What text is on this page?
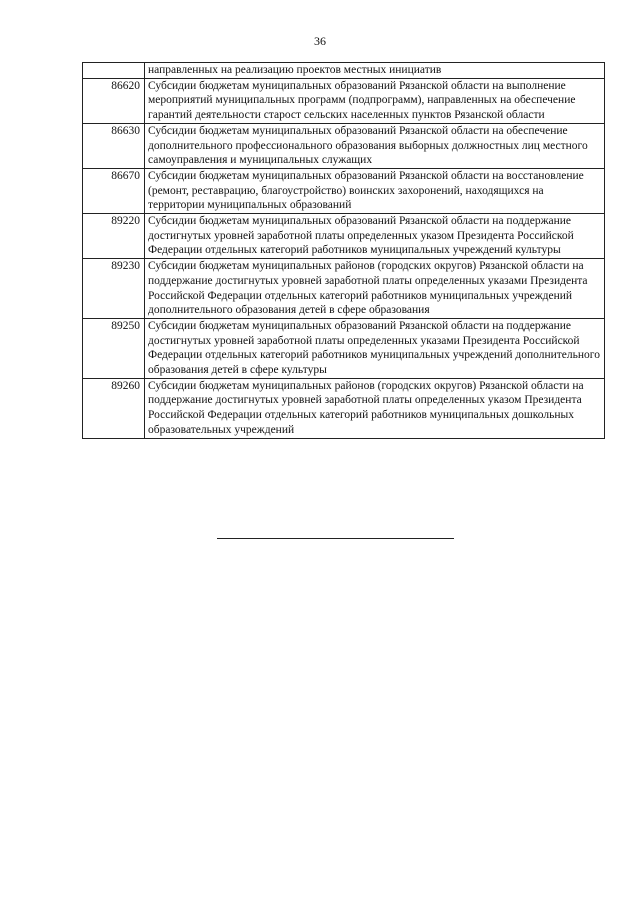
36
	направленных на реализацию проектов местных инициатив
86620	Субсидии бюджетам муниципальных образований Рязанской области на выполнение мероприятий муниципальных программ (подпрограмм), направленных на обеспечение гарантий деятельности старост сельских населенных пунктов Рязанской области
86630	Субсидии бюджетам муниципальных образований Рязанской области на обеспечение дополнительного профессионального образования выборных должностных лиц местного самоуправления и муниципальных служащих
86670	Субсидии бюджетам муниципальных образований Рязанской области на восстановление (ремонт, реставрацию, благоустройство) воинских захоронений, находящихся на территории муниципальных образований
89220	Субсидии бюджетам муниципальных образований Рязанской области на поддержание достигнутых уровней заработной платы определенных указом Президента Российской Федерации отдельных категорий работников муниципальных учреждений культуры
89230	Субсидии бюджетам муниципальных районов (городских округов) Рязанской области на поддержание достигнутых уровней заработной платы определенных указами Президента Российской Федерации отдельных категорий работников муниципальных учреждений дополнительного образования детей в сфере образования
89250	Субсидии бюджетам муниципальных образований Рязанской области на поддержание достигнутых уровней заработной платы определенных указами Президента Российской Федерации отдельных категорий работников муниципальных учреждений дополнительного образования детей в сфере культуры
89260	Субсидии бюджетам муниципальных районов (городских округов) Рязанской области на поддержание достигнутых уровней заработной платы определенных указом Президента Российской Федерации отдельных категорий работников муниципальных дошкольных образовательных учреждений
